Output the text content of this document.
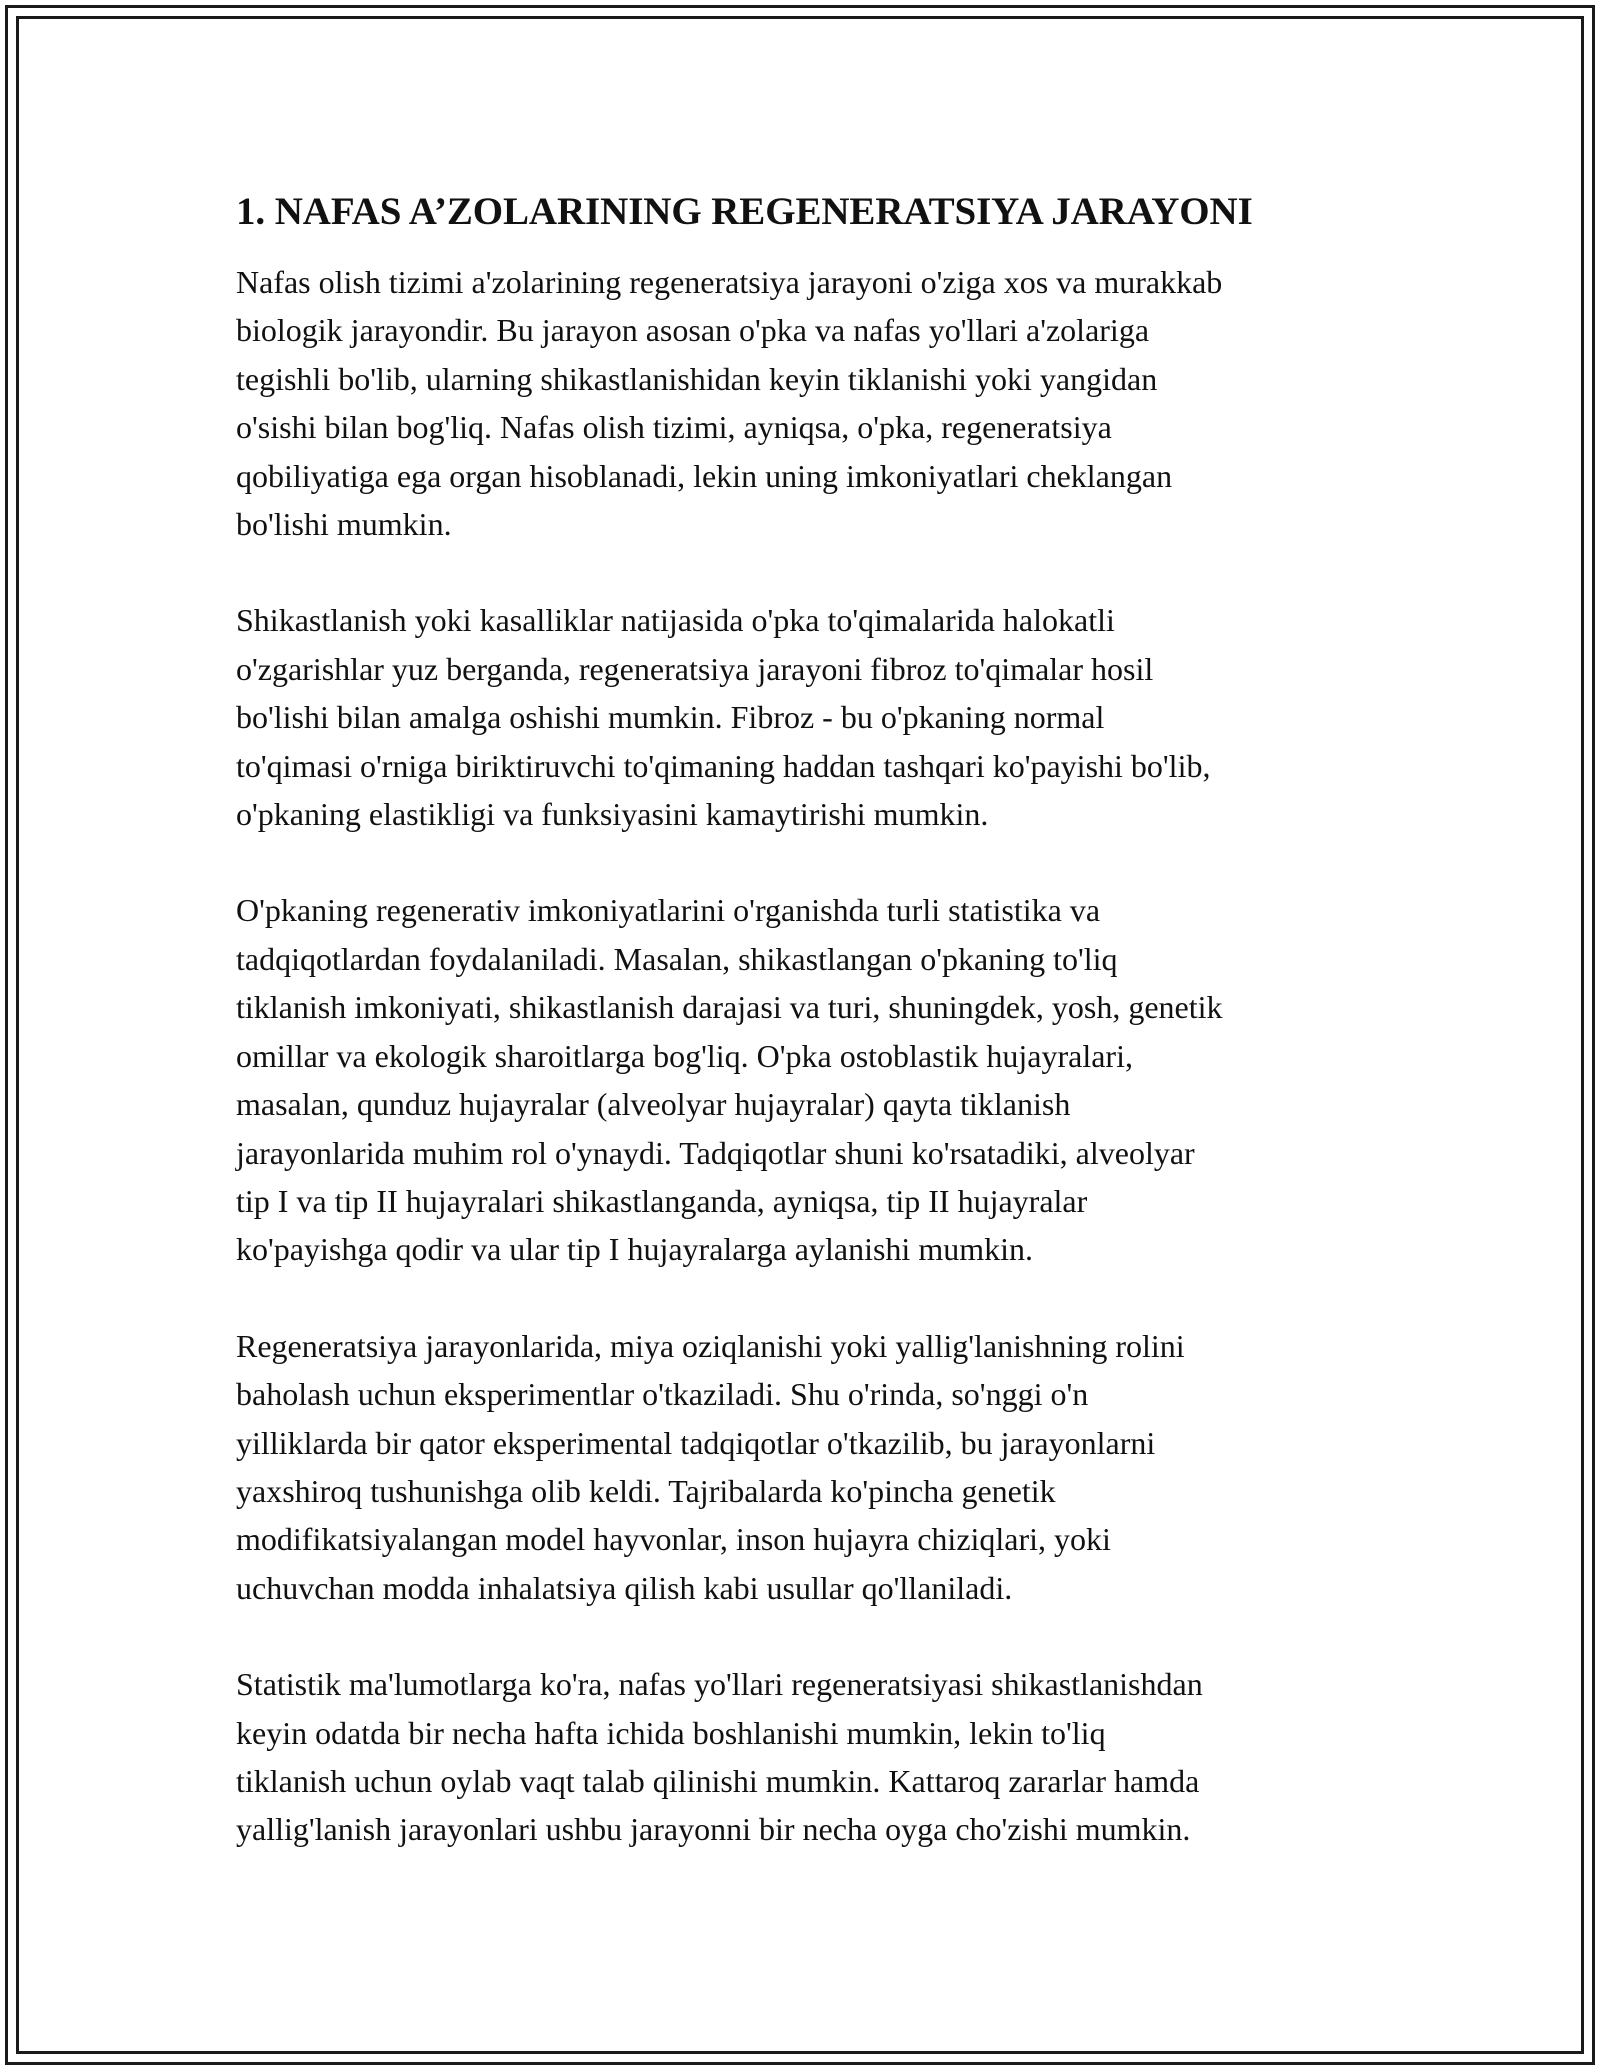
1. NAFAS A’ZOLARINING REGENERATSIYA JARAYONI

Nafas olish tizimi a'zolarining regeneratsiya jarayoni o'ziga xos va murakkab
biologik jarayondir. Bu jarayon asosan o'pka va nafas yo'llari a'zolariga
tegishli bo'lib, ularning shikastlanishidan keyin tiklanishi yoki yangidan
o'sishi bilan bog'liq. Nafas olish tizimi, ayniqsa, o'pka, regeneratsiya
qobiliyatiga ega organ hisoblanadi, lekin uning imkoniyatlari cheklangan
bo'lishi mumkin.

Shikastlanish yoki kasalliklar natijasida o'pka to'qimalarida halokatli
o'zgarishlar yuz berganda, regeneratsiya jarayoni fibroz to'qimalar hosil
bo'lishi bilan amalga oshishi mumkin. Fibroz - bu o'pkaning normal
to'qimasi o'rniga biriktiruvchi to'qimaning haddan tashqari ko'payishi bo'lib,
o'pkaning elastikligi va funksiyasini kamaytirishi mumkin.

O'pkaning regenerativ imkoniyatlarini o'rganishda turli statistika va
tadqiqotlardan foydalaniladi. Masalan, shikastlangan o'pkaning to'liq
tiklanish imkoniyati, shikastlanish darajasi va turi, shuningdek, yosh, genetik
omillar va ekologik sharoitlarga bog'liq. O'pka ostoblastik hujayralari,
masalan, qunduz hujayralar (alveolyar hujayralar) qayta tiklanish
jarayonlarida muhim rol o'ynaydi. Tadqiqotlar shuni ko'rsatadiki, alveolyar
tip I va tip II hujayralari shikastlanganda, ayniqsa, tip II hujayralar
ko'payishga qodir va ular tip I hujayralarga aylanishi mumkin.

Regeneratsiya jarayonlarida, miya oziqlanishi yoki yallig'lanishning rolini
baholash uchun eksperimentlar o'tkaziladi. Shu o'rinda, so'nggi o'n
yilliklarda bir qator eksperimental tadqiqotlar o'tkazilib, bu jarayonlarni
yaxshiroq tushunishga olib keldi. Tajribalarda ko'pincha genetik
modifikatsiyalangan model hayvonlar, inson hujayra chiziqlari, yoki
uchuvchan modda inhalatsiya qilish kabi usullar qo'llaniladi.

Statistik ma'lumotlarga ko'ra, nafas yo'llari regeneratsiyasi shikastlanishdan
keyin odatda bir necha hafta ichida boshlanishi mumkin, lekin to'liq
tiklanish uchun oylab vaqt talab qilinishi mumkin. Kattaroq zararlar hamda
yallig'lanish jarayonlari ushbu jarayonni bir necha oyga cho'zishi mumkin.
